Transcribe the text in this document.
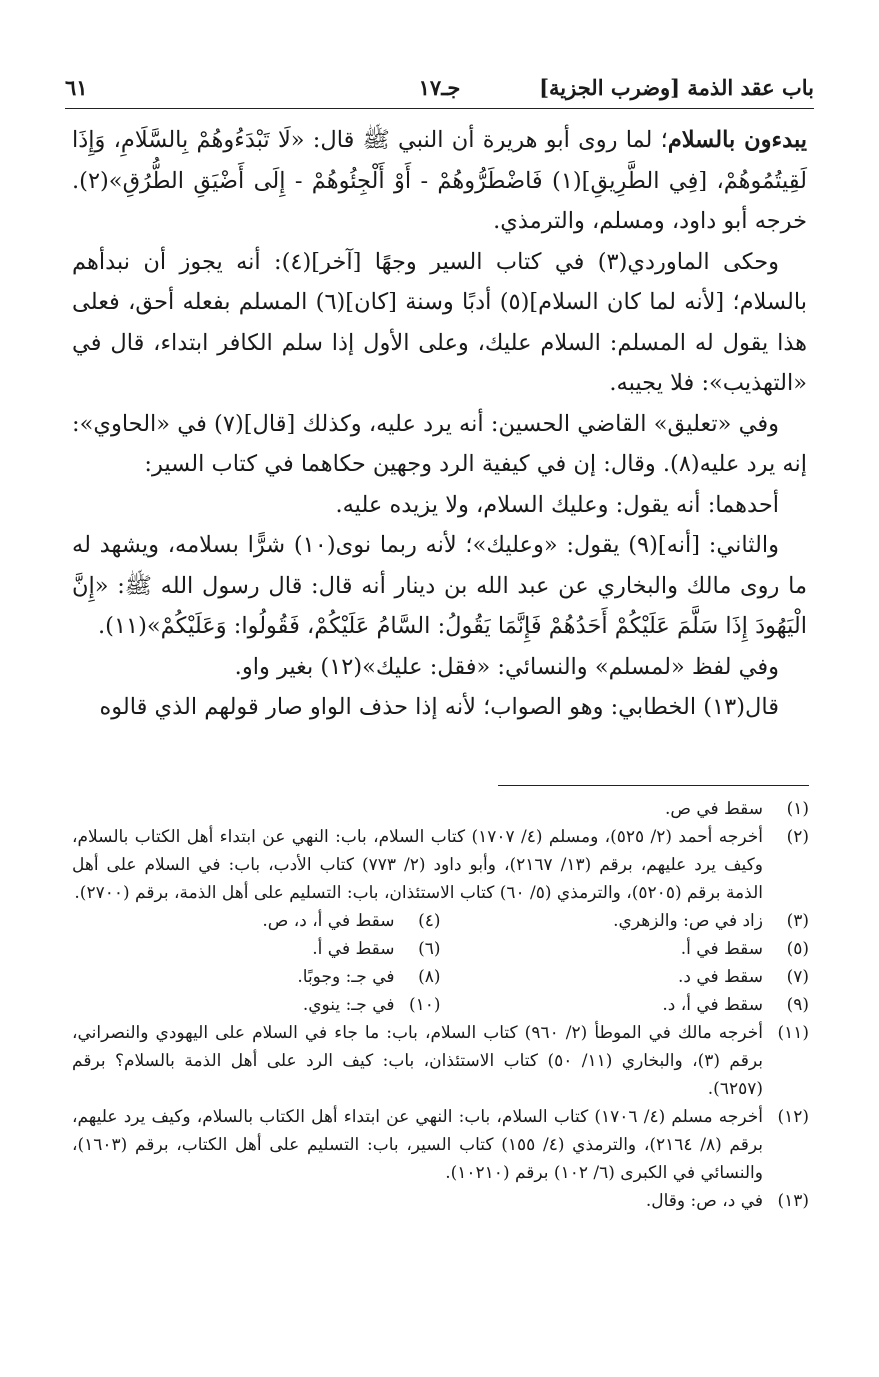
باب عقد الذمة [وضرب الجزية]
جـ١٧
٦١

يبدءون بالسلام؛ لما روى أبو هريرة أن النبي ﷺ قال: «لَا تَبْدَءُوهُمْ بِالسَّلَامِ، وَإِذَا لَقِيتُمُوهُمْ، [فِي الطَّرِيقِ](١) فَاضْطَرُّوهُمْ - أَوْ أَلْجِئُوهُمْ - إِلَى أَضْيَقِ الطُّرُقِ»(٢). خرجه أبو داود، ومسلم، والترمذي.

وحكى الماوردي(٣) في كتاب السير وجهًا [آخر](٤): أنه يجوز أن نبدأهم بالسلام؛ [لأنه لما كان السلام](٥) أدبًا وسنة [كان](٦) المسلم بفعله أحق، فعلى هذا يقول له المسلم: السلام عليك، وعلى الأول إذا سلم الكافر ابتداء، قال في «التهذيب»: فلا يجيبه.

وفي «تعليق» القاضي الحسين: أنه يرد عليه، وكذلك [قال](٧) في «الحاوي»: إنه يرد عليه(٨). وقال: إن في كيفية الرد وجهين حكاهما في كتاب السير:

أحدهما: أنه يقول: وعليك السلام، ولا يزيده عليه.

والثاني: [أنه](٩) يقول: «وعليك»؛ لأنه ربما نوى(١٠) شرًّا بسلامه، ويشهد له ما روى مالك والبخاري عن عبد الله بن دينار أنه قال: قال رسول الله ﷺ: «إِنَّ الْيَهُودَ إِذَا سَلَّمَ عَلَيْكُمْ أَحَدُهُمْ فَإِنَّمَا يَقُولُ: السَّامُ عَلَيْكُمْ، فَقُولُوا: وَعَلَيْكُمْ»(١١).

وفي لفظ «لمسلم» والنسائي: «فقل: عليك»(١٢) بغير واو.

قال(١٣) الخطابي: وهو الصواب؛ لأنه إذا حذف الواو صار قولهم الذي قالوه

(١)
سقط في ص.
(٢)
أخرجه أحمد (٢/ ٥٢٥)، ومسلم (٤/ ١٧٠٧) كتاب السلام، باب: النهي عن ابتداء أهل الكتاب بالسلام، وكيف يرد عليهم، برقم (١٣/ ٢١٦٧)، وأبو داود (٢/ ٧٧٣) كتاب الأدب، باب: في السلام على أهل الذمة برقم (٥٢٠٥)، والترمذي (٥/ ٦٠) كتاب الاستئذان، باب: التسليم على أهل الذمة، برقم (٢٧٠٠).
(٣)
زاد في ص: والزهري.
(٤)
سقط في أ، د، ص.
(٥)
سقط في أ.
(٦)
سقط في أ.
(٧)
سقط في د.
(٨)
في جـ: وجوبًا.
(٩)
سقط في أ، د.
(١٠)
في جـ: ينوي.
(١١)
أخرجه مالك في الموطأ (٢/ ٩٦٠) كتاب السلام، باب: ما جاء في السلام على اليهودي والنصراني، برقم (٣)، والبخاري (١١/ ٥٠) كتاب الاستئذان، باب: كيف الرد على أهل الذمة بالسلام؟ برقم (٦٢٥٧).
(١٢)
أخرجه مسلم (٤/ ١٧٠٦) كتاب السلام، باب: النهي عن ابتداء أهل الكتاب بالسلام، وكيف يرد عليهم، برقم (٨/ ٢١٦٤)، والترمذي (٤/ ١٥٥) كتاب السير، باب: التسليم على أهل الكتاب، برقم (١٦٠٣)، والنسائي في الكبرى (٦/ ١٠٢) برقم (١٠٢١٠).
(١٣)
في د، ص: وقال.
